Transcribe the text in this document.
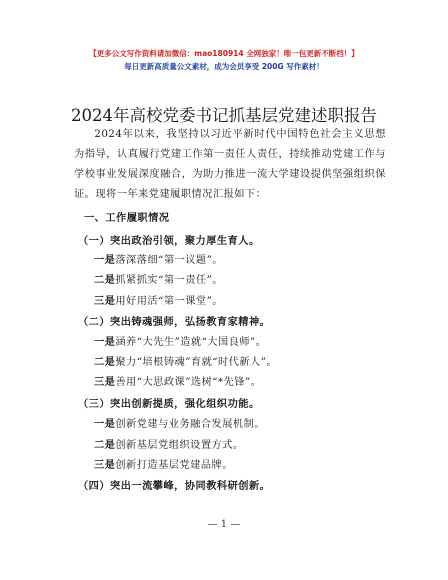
【更多公文写作资料请加微信：mao180914 全网独家！唯一包更新不断档！】
每日更新高质量公文素材，成为会员享受 200G 写作素材！
2024年高校党委书记抓基层党建述职报告
2024年以来，我坚持以习近平新时代中国特色社会主义思想为指导，认真履行党建工作第一责任人责任，持续推动党建工作与学校事业发展深度融合，为助力推进一流大学建设提供坚强组织保证。现将一年来党建履职情况汇报如下：
一、工作履职情况
（一）突出政治引领，聚力厚生育人。
一是落深落细“第一议题”。
二是抓紧抓实“第一责任”。
三是用好用活“第一课堂”。
（二）突出铸魂强师，弘扬教育家精神。
一是涵养“大先生”造就“大国良师”。
二是聚力“培根铸魂”育就“时代新人”。
三是善用“大思政课”选树“*先锋”。
（三）突出创新提质，强化组织功能。
一是创新党建与业务融合发展机制。
二是创新基层党组织设置方式。
三是创新打造基层党建品牌。
（四）突出一流攀峰，协同教科研创新。
— 1 —
